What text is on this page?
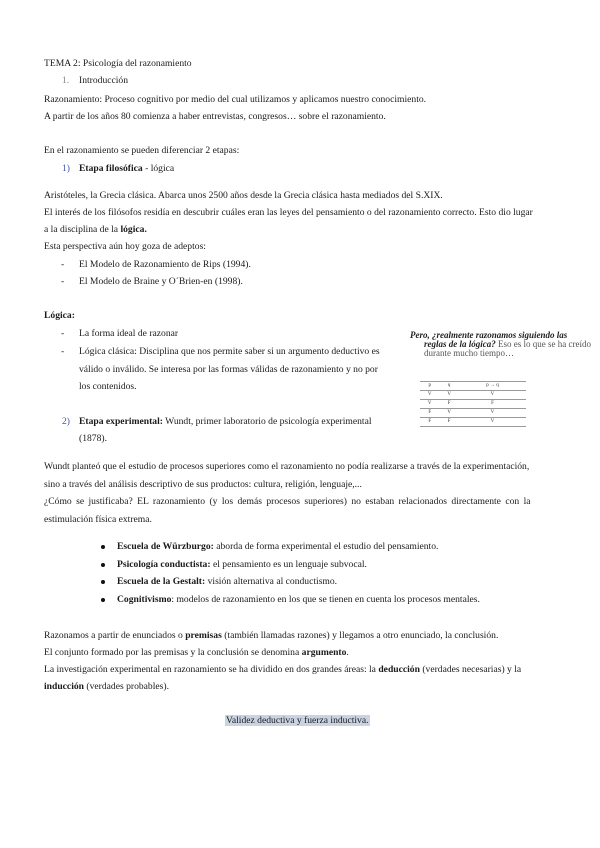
TEMA 2: Psicología del razonamiento
1. Introducción
Razonamiento: Proceso cognitivo por medio del cual utilizamos y aplicamos nuestro conocimiento.
A partir de los años 80 comienza a haber entrevistas, congresos… sobre el razonamiento.
En el razonamiento se pueden diferenciar 2 etapas:
1) Etapa filosófica - lógica
Aristóteles, la Grecia clásica. Abarca unos 2500 años desde la Grecia clásica hasta mediados del S.XIX.
El interés de los filósofos residía en descubrir cuáles eran las leyes del pensamiento o del razonamiento correcto. Esto dio lugar
a la disciplina de la lógica.
Esta perspectiva aún hoy goza de adeptos:
- El Modelo de Razonamiento de Rips (1994).
- El Modelo de Braine y O´Brien-en (1998).
Lógica:
- La forma ideal de razonar
- Lógica clásica: Disciplina que nos permite saber si un argumento deductivo es
válido o inválido. Se interesa por las formas válidas de razonamiento y no por
los contenidos.
2) Etapa experimental: Wundt, primer laboratorio de psicología experimental
(1878).
Pero, ¿realmente razonamos siguiendo las
reglas de la lógica? Eso es lo que se ha creído
durante mucho tiempo…
p	q	p → q
V	V	V
V	F	F
F	V	V
F	F	V
Wundt planteó que el estudio de procesos superiores como el razonamiento no podía realizarse a través de la experimentación,
sino a través del análisis descriptivo de sus productos: cultura, religión, lenguaje,...
¿Cómo se justificaba? EL razonamiento (y los demás procesos superiores) no estaban relacionados directamente con la
estimulación física extrema.
Escuela de Würzburgo: aborda de forma experimental el estudio del pensamiento.
Psicología conductista: el pensamiento es un lenguaje subvocal.
Escuela de la Gestalt: visión alternativa al conductismo.
Cognitivismo: modelos de razonamiento en los que se tienen en cuenta los procesos mentales.
Razonamos a partir de enunciados o premisas (también llamadas razones) y llegamos a otro enunciado, la conclusión.
El conjunto formado por las premisas y la conclusión se denomina argumento.
La investigación experimental en razonamiento se ha dividido en dos grandes áreas: la deducción (verdades necesarias) y la
inducción (verdades probables).
Validez deductiva y fuerza inductiva.
